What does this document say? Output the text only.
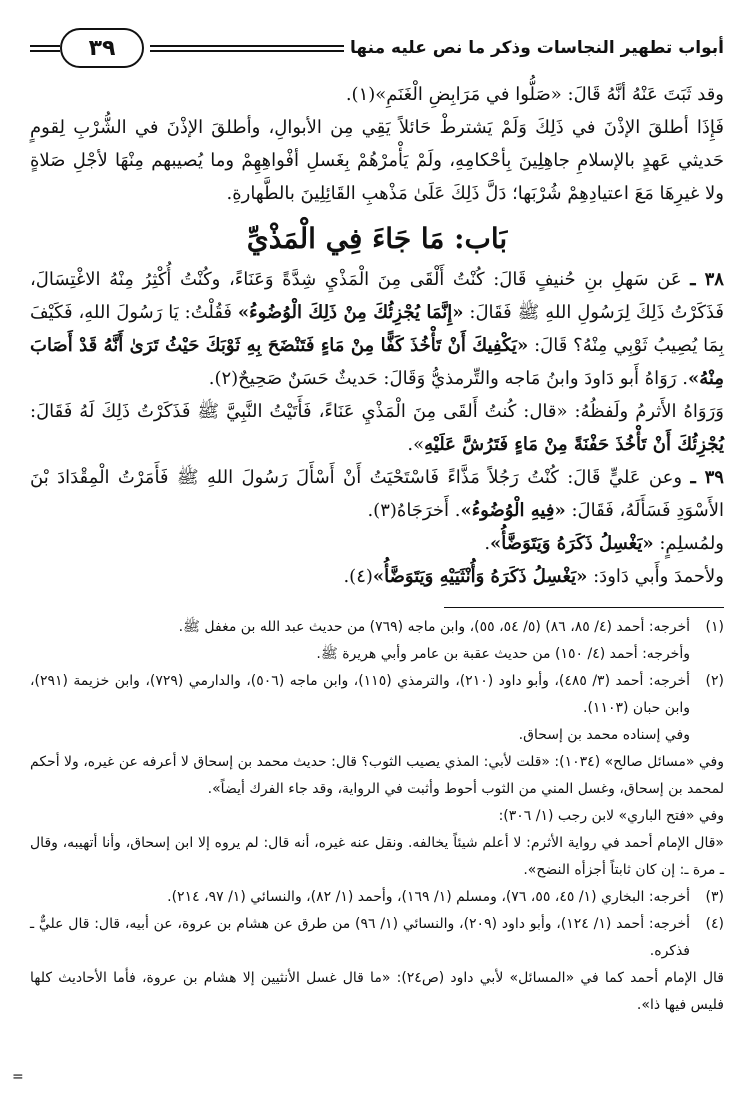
أبواب تطهير النجاسات وذكر ما نص عليه منها
٣٩

وقد ثَبَتَ عَنْهُ أنَّهُ قَالَ: «صَلُّوا في مَرَابِضِ الْغَنَمِ»(١).

فَإِذَا أطلقَ الإذْنَ في ذَلِكَ وَلَمْ يَشترطْ حَائلاً يَقِي مِن الأبوالِ، وأطلقَ الإذْنَ في الشُّرْبِ لِقومٍ حَديثي عَهدٍ بالإسلامِ جاهِلِينَ بِأحْكامِهِ، ولَمْ يَأْمرْهُمْ بِغَسلِ أفْواهِهِمْ وما يُصيبهم مِنْهَا لأجْلِ صَلاةٍ ولا غيرِهَا مَعَ اعتيادِهِمْ شُرْبَها؛ دَلَّ ذَلِكَ عَلَىٰ مَذْهبِ القَائِلِينَ بالطَّهارةِ.

بَاب: مَا جَاءَ فِي الْمَذْيِّ

٣٨ ـ عَن سَهلِ بنِ حُنيفٍ قَالَ: كُنْتُ أَلْقَى مِنَ الْمَذْيِ شِدَّةً وَعَنَاءً، وكُنْتُ أُكْثِرُ مِنْهُ الاغْتِسَالَ، فَذَكَرْتُ ذَلِكَ لِرَسُولِ اللهِ ﷺ فَقَالَ: «إِنَّمَا يُجْزِئُكَ مِنْ ذَلِكَ الْوُضُوءُ» فَقُلْتُ: يَا رَسُولَ اللهِ، فَكَيْفَ بِمَا يُصِيبُ ثَوْبِي مِنْهُ؟ قَالَ: «يَكْفِيكَ أَنْ تَأْخُذَ كَفًّا مِنْ مَاءٍ فَتَنْضَحَ بِهِ ثَوْبَكَ حَيْثُ تَرَىٰ أَنَّهُ قَدْ أَصَابَ مِنْهُ». رَوَاهُ أَبو دَاودَ وابنُ مَاجه والتِّرمذيُّ وَقَالَ: حَديثٌ حَسَنٌ صَحِيحٌ(٢).

وَرَوَاهُ الأَثرمُ ولَفظُهُ: «قال: كُنتُ أَلقَى مِنَ الْمَذْيِ عَنَاءً، فَأَتَيْتُ النَّبِيَّ ﷺ فَذَكَرْتُ ذَلِكَ لَهُ فَقَالَ: يُجْزِئُكَ أَنْ تَأْخُذَ حَفْنَةً مِنْ مَاءٍ فَتَرُشَّ عَلَيْهِ».

٣٩ ـ وعن عَليٍّ قَالَ: كُنْتُ رَجُلاً مَذَّاءً فَاسْتَحْيَتُ أَنْ أَسْأَلَ رَسُولَ اللهِ ﷺ فَأَمَرْتُ الْمِقْدَادَ بْنَ الأَسْوَدِ فَسَأَلَهُ، فَقَالَ: «فِيهِ الْوُضُوءُ». أَخرَجَاهُ(٣).

ولمُسلِمٍ: «يَغْسِلُ ذَكَرَهُ وَيَتَوَضَّأُ».

ولأحمدَ وأَبي دَاودَ: «يَغْسِلُ ذَكَرَهُ وَأُنْثَيَيْهِ وَيَتَوَضَّأُ»(٤).

(١)
أخرجه: أحمد (٤/ ٨٥، ٨٦) (٥/ ٥٤، ٥٥)، وابن ماجه (٧٦٩) من حديث عبد الله بن مغفل ﷺ.
وأخرجه: أحمد (٤/ ١٥٠) من حديث عقبة بن عامر وأبي هريرة ﷺ.
(٢)
أخرجه: أحمد (٣/ ٤٨٥)، وأبو داود (٢١٠)، والترمذي (١١٥)، وابن ماجه (٥٠٦)، والدارمي (٧٢٩)، وابن خزيمة (٢٩١)، وابن حبان (١١٠٣).
وفي إسناده محمد بن إسحاق.
وفي «مسائل صالح» (١٠٣٤): «قلت لأبي: المذي يصيب الثوب؟ قال: حديث محمد بن إسحاق لا أعرفه عن غيره، ولا أحكم لمحمد بن إسحاق، وغسل المني من الثوب أحوط وأثبت في الرواية، وقد جاء الفرك أيضاً».
وفي «فتح الباري» لابن رجب (١/ ٣٠٦):
«قال الإمام أحمد في رواية الأثرم: لا أعلم شيئاً يخالفه. ونقل عنه غيره، أنه قال: لم يروه إلا ابن إسحاق، وأنا أتهيبه، وقال ـ مرة ـ: إن كان ثابتاً أجزأه النضح».
(٣)
أخرجه: البخاري (١/ ٤٥، ٥٥، ٧٦)، ومسلم (١/ ١٦٩)، وأحمد (١/ ٨٢)، والنسائي (١/ ٩٧، ٢١٤).
(٤)
أخرجه: أحمد (١/ ١٢٤)، وأبو داود (٢٠٩)، والنسائي (١/ ٩٦) من طرق عن هشام بن عروة، عن أبيه، قال: قال عليٌّ ـ فذكره.
قال الإمام أحمد كما في «المسائل» لأبي داود (ص٢٤): «ما قال غسل الأنثيين إلا هشام بن عروة، فأما الأحاديث كلها فليس فيها ذا».
=
